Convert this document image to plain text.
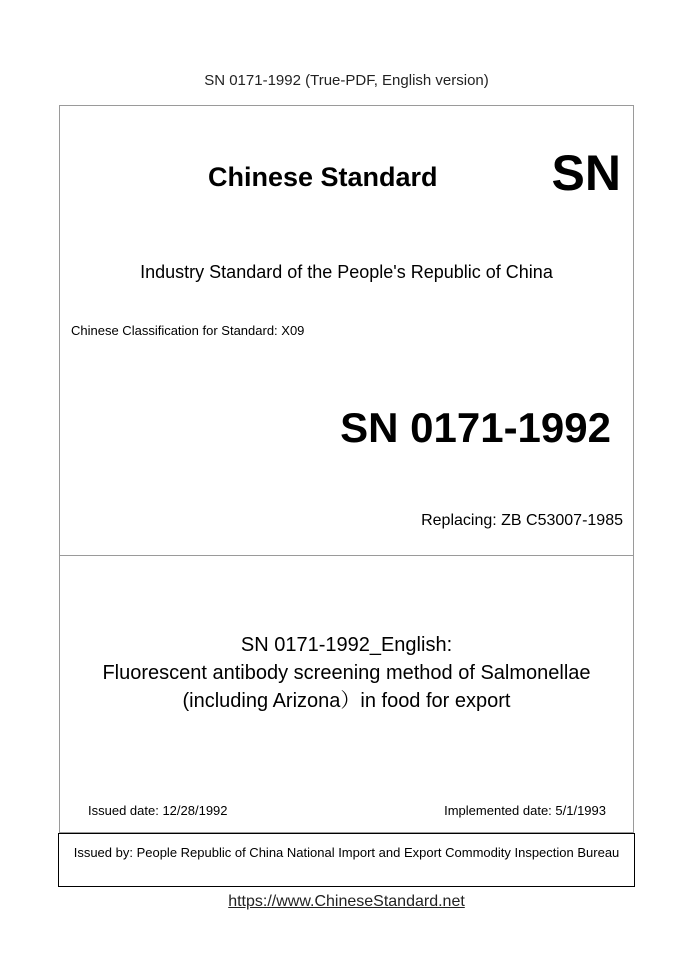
SN 0171-1992 (True-PDF, English version)
Chinese Standard SN
Industry Standard of the People's Republic of China
Chinese Classification for Standard: X09
SN 0171-1992
Replacing: ZB C53007-1985
SN 0171-1992_English:
Fluorescent antibody screening method of Salmonellae
(including Arizona）in food for export
Issued date: 12/28/1992	Implemented date: 5/1/1993
Issued by: People Republic of China National Import and Export Commodity Inspection Bureau
https://www.ChineseStandard.net
